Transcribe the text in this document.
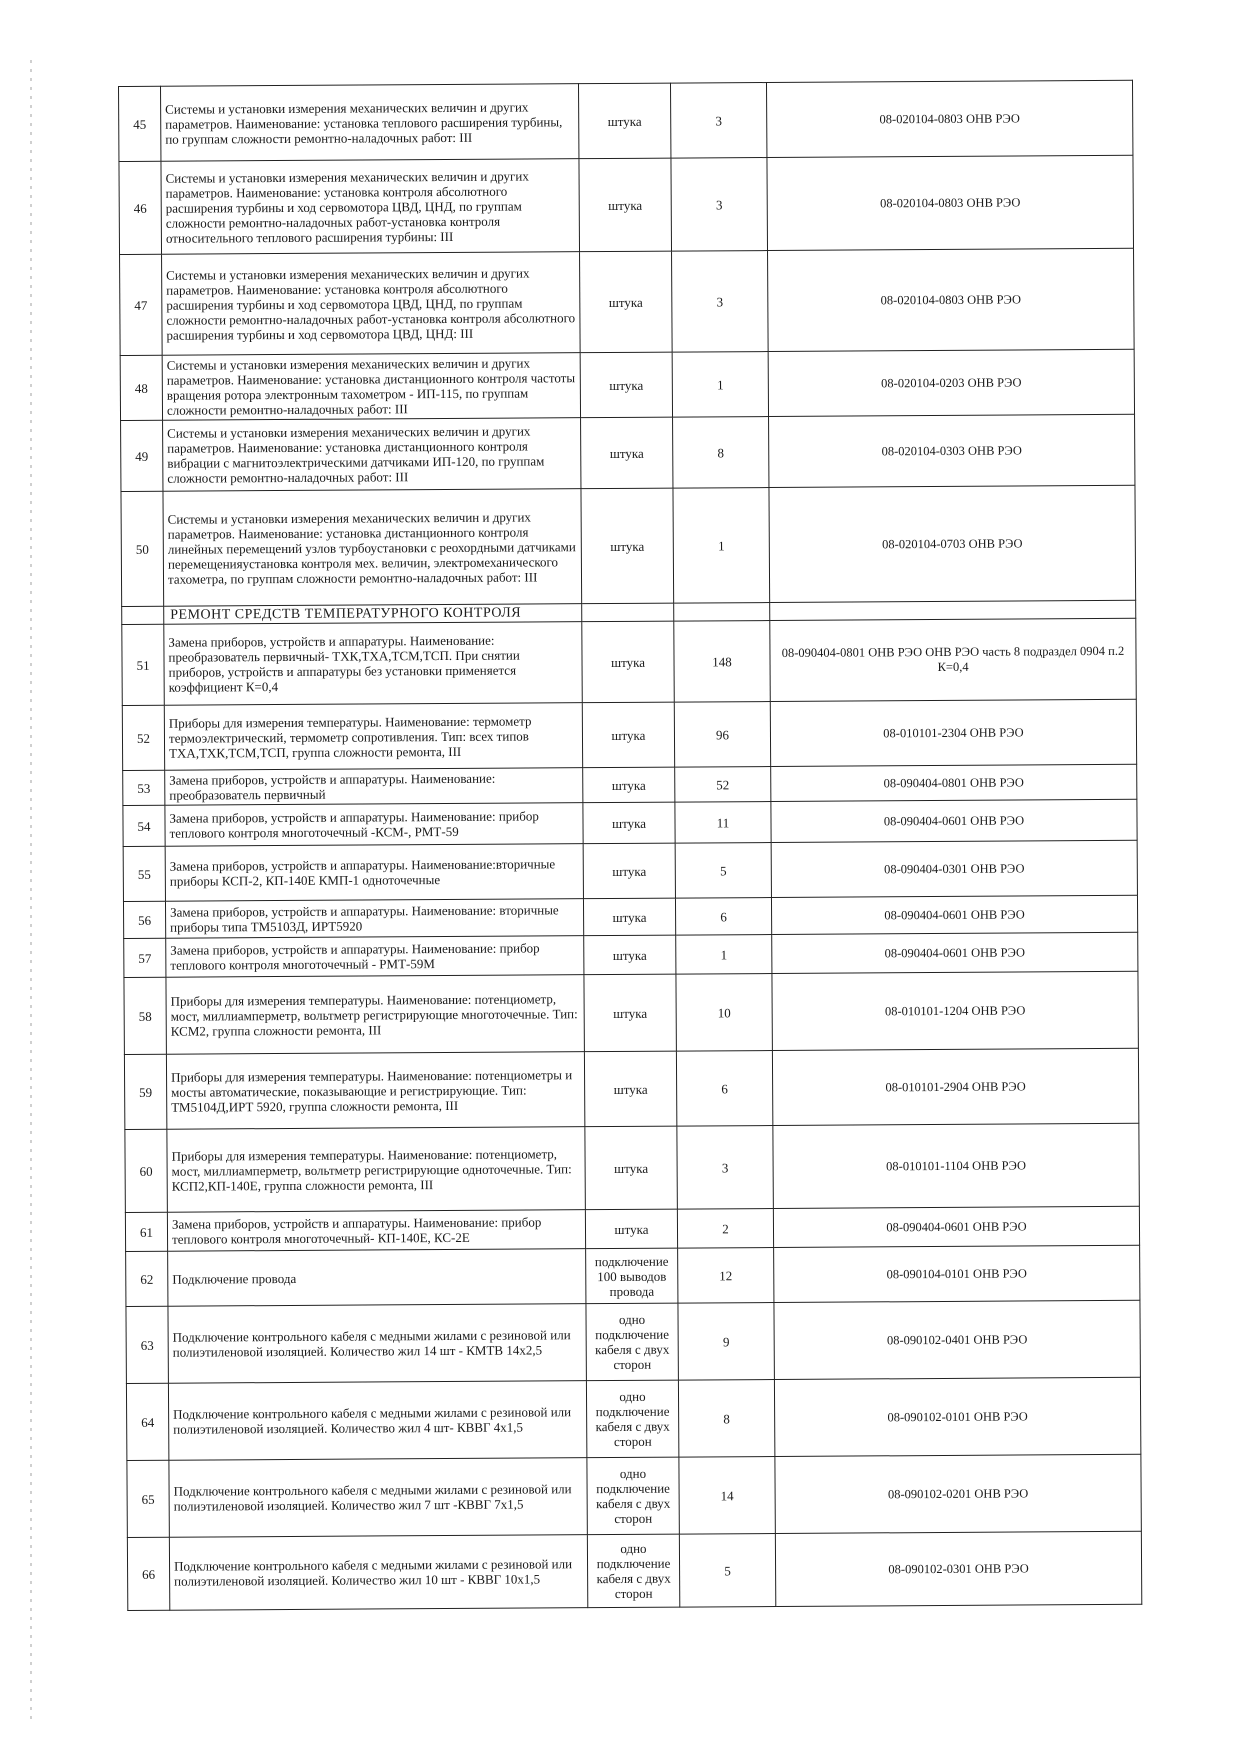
45	Системы и установки измерения механических величин и других параметров. Наименование: установка теплового расширения турбины, по группам сложности ремонтно-наладочных работ: III	штука	3	08-020104-0803 ОНВ РЭО
46	Системы и установки измерения механических величин и других параметров. Наименование: установка контроля абсолютного расширения турбины и ход сервомотора ЦВД, ЦНД, по группам сложности ремонтно-наладочных работ-установка контроля относительного теплового расширения турбины: III	штука	3	08-020104-0803 ОНВ РЭО
47	Системы и установки измерения механических величин и других параметров. Наименование: установка контроля абсолютного расширения турбины и ход сервомотора ЦВД, ЦНД, по группам сложности ремонтно-наладочных работ-установка контроля абсолютного расширения турбины и ход сервомотора ЦВД, ЦНД: III	штука	3	08-020104-0803 ОНВ РЭО
48	Системы и установки измерения механических величин и других параметров. Наименование: установка дистанционного контроля частоты вращения ротора электронным тахометром - ИП-115, по группам сложности ремонтно-наладочных работ: III	штука	1	08-020104-0203 ОНВ РЭО
49	Системы и установки измерения механических величин и других параметров. Наименование: установка дистанционного контроля вибрации с магнитоэлектрическими датчиками ИП-120, по группам сложности ремонтно-наладочных работ: III	штука	8	08-020104-0303 ОНВ РЭО
50	Системы и установки измерения механических величин и других параметров. Наименование: установка дистанционного контроля линейных перемещений узлов турбоустановки с реохордными датчиками перемещенияустановка контроля мех. величин, электромеханического тахометра, по группам сложности ремонтно-наладочных работ: III	штука	1	08-020104-0703 ОНВ РЭО
	РЕМОНТ СРЕДСТВ ТЕМПЕРАТУРНОГО КОНТРОЛЯ			
51	Замена приборов, устройств и аппаратуры. Наименование: преобразователь первичный- ТХК,ТХА,ТСМ,ТСП. При снятии приборов, устройств и аппаратуры без установки применяется коэффициент К=0,4	штука	148	08-090404-0801 ОНВ РЭО ОНВ РЭО часть 8 подраздел 0904 п.2 К=0,4
52	Приборы для измерения температуры. Наименование: термометр термоэлектрический, термометр сопротивления. Тип: всех типов ТХА,ТХК,ТСМ,ТСП, группа сложности ремонта, III	штука	96	08-010101-2304 ОНВ РЭО
53	Замена приборов, устройств и аппаратуры. Наименование: преобразователь первичный	штука	52	08-090404-0801 ОНВ РЭО
54	Замена приборов, устройств и аппаратуры. Наименование: прибор теплового контроля многоточечный -КСМ-, РМТ-59	штука	11	08-090404-0601 ОНВ РЭО
55	Замена приборов, устройств и аппаратуры. Наименование:вторичные приборы КСП-2, КП-140Е КМП-1 одноточечные	штука	5	08-090404-0301 ОНВ РЭО
56	Замена приборов, устройств и аппаратуры. Наименование: вторичные приборы типа ТМ5103Д, ИРТ5920	штука	6	08-090404-0601 ОНВ РЭО
57	Замена приборов, устройств и аппаратуры. Наименование: прибор теплового контроля многоточечный - РМТ-59М	штука	1	08-090404-0601 ОНВ РЭО
58	Приборы для измерения температуры. Наименование: потенциометр, мост, миллиамперметр, вольтметр регистрирующие многоточечные. Тип: КСМ2, группа сложности ремонта, III	штука	10	08-010101-1204 ОНВ РЭО
59	Приборы для измерения температуры. Наименование: потенциометры и мосты автоматические, показывающие и регистрирующие. Тип: ТМ5104Д,ИРТ 5920, группа сложности ремонта, III	штука	6	08-010101-2904 ОНВ РЭО
60	Приборы для измерения температуры. Наименование: потенциометр, мост, миллиамперметр, вольтметр регистрирующие одноточечные. Тип: КСП2,КП-140Е, группа сложности ремонта, III	штука	3	08-010101-1104 ОНВ РЭО
61	Замена приборов, устройств и аппаратуры. Наименование: прибор теплового контроля многоточечный- КП-140Е, КС-2Е	штука	2	08-090404-0601 ОНВ РЭО
62	Подключение провода	подключение 100 выводов провода	12	08-090104-0101 ОНВ РЭО
63	Подключение контрольного кабеля с медными жилами с резиновой или полиэтиленовой изоляцией. Количество жил 14 шт - КМТВ 14х2,5	одно подключение кабеля с двух сторон	9	08-090102-0401 ОНВ РЭО
64	Подключение контрольного кабеля с медными жилами с резиновой или полиэтиленовой изоляцией. Количество жил 4 шт- КВВГ 4х1,5	одно подключение кабеля с двух сторон	8	08-090102-0101 ОНВ РЭО
65	Подключение контрольного кабеля с медными жилами с резиновой или полиэтиленовой изоляцией. Количество жил 7 шт -КВВГ 7х1,5	одно подключение кабеля с двух сторон	14	08-090102-0201 ОНВ РЭО
66	Подключение контрольного кабеля с медными жилами с резиновой или полиэтиленовой изоляцией. Количество жил 10 шт - КВВГ 10х1,5	одно подключение кабеля с двух сторон	5	08-090102-0301 ОНВ РЭО
